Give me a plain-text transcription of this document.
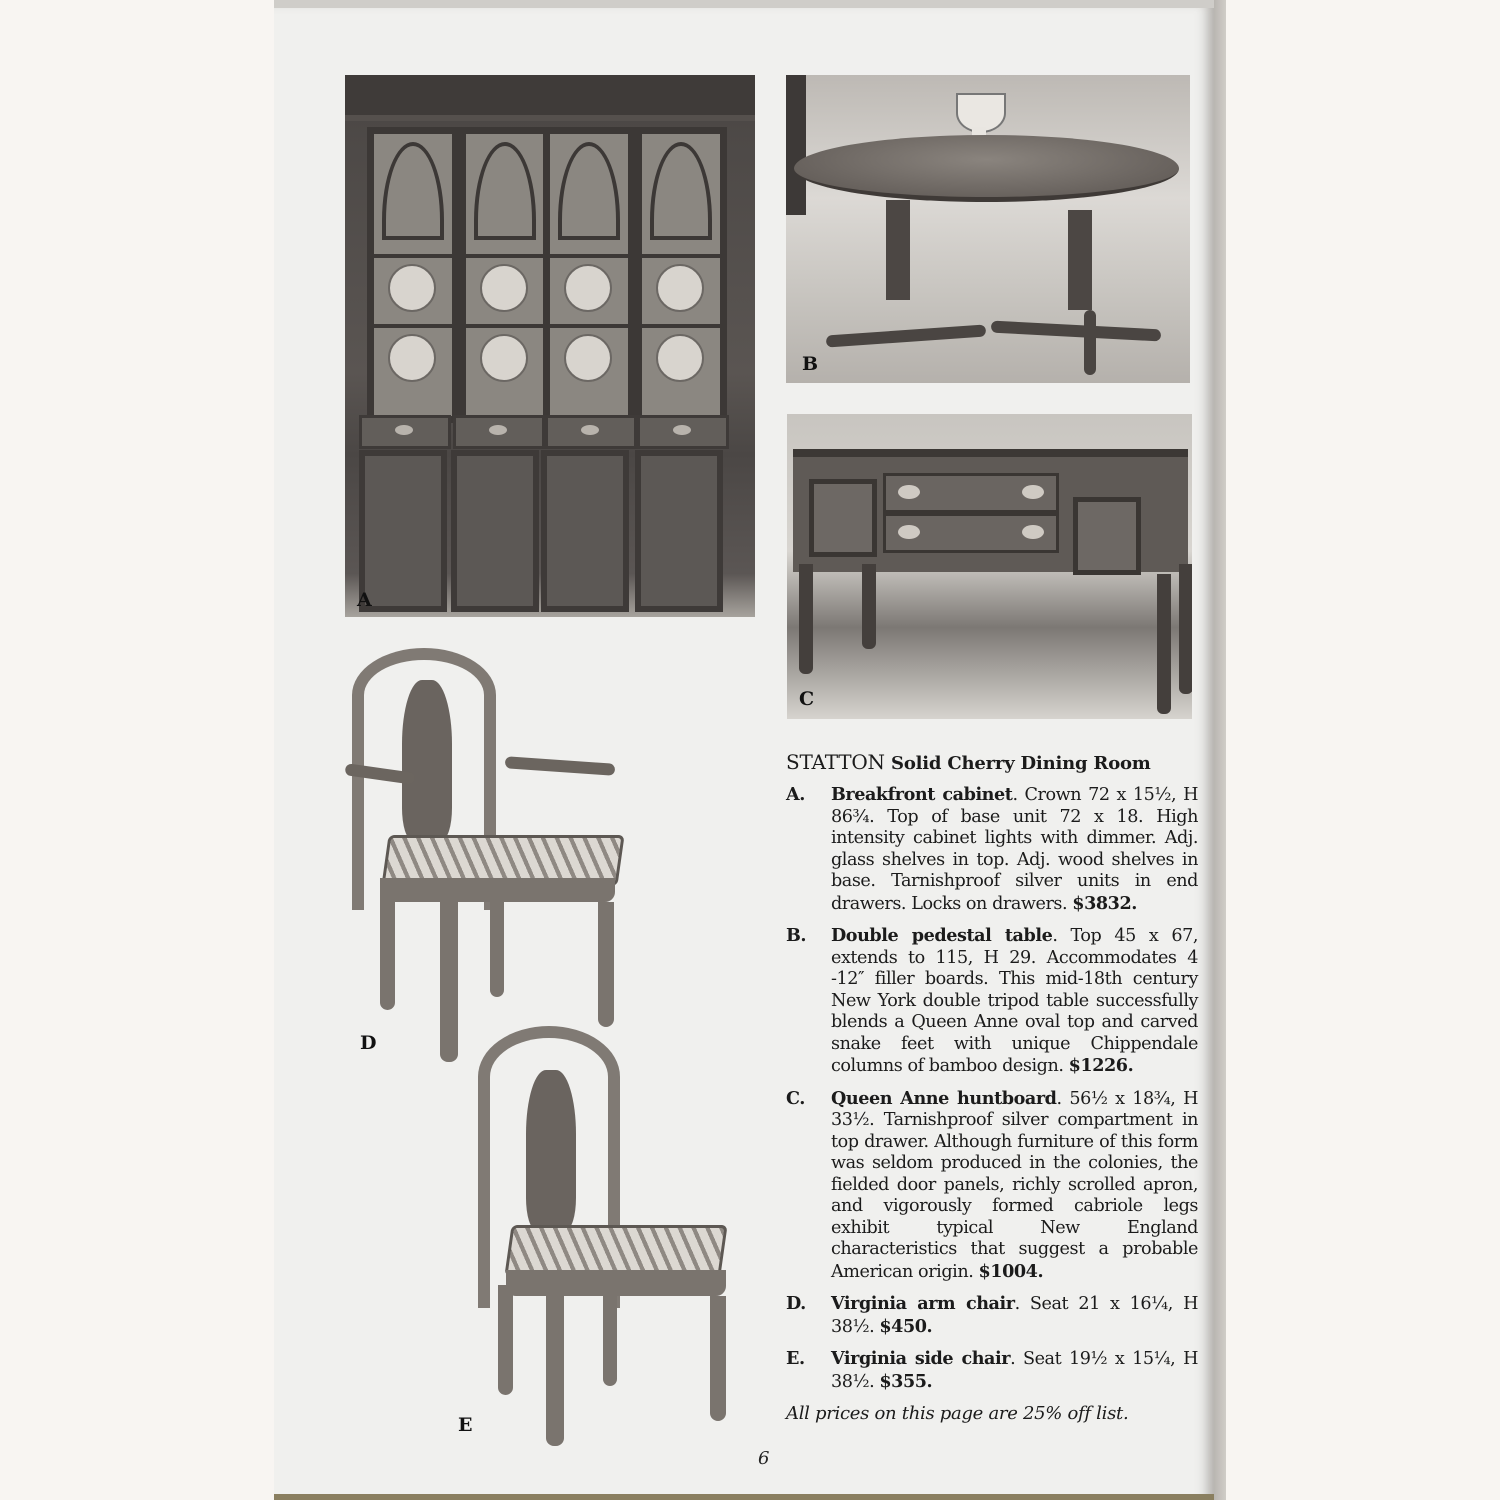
A
B
C
D
E
STATTON Solid Cherry Dining Room
A. Breakfront cabinet. Crown 72 x 15½, H 86¾. Top of base unit 72 x 18. High intensity cabinet lights with dimmer. Adj. glass shelves in top. Adj. wood shelves in base. Tarnishproof silver units in end drawers. Locks on drawers. $3832.
B. Double pedestal table. Top 45 x 67, extends to 115, H 29. Accommodates 4 -12″ filler boards. This mid-18th century New York double tripod table successfully blends a Queen Anne oval top and carved snake feet with unique Chippendale columns of bamboo design. $1226.
C. Queen Anne huntboard. 56½ x 18¾, H 33½. Tarnishproof silver compartment in top drawer. Although furniture of this form was seldom produced in the colonies, the fielded door panels, richly scrolled apron, and vigorously formed cabriole legs exhibit typical New England characteristics that suggest a probable American origin. $1004.
D. Virginia arm chair. Seat 21 x 16¼, H 38½. $450.
E. Virginia side chair. Seat 19½ x 15¼, H 38½. $355.
All prices on this page are 25% off list.
6
